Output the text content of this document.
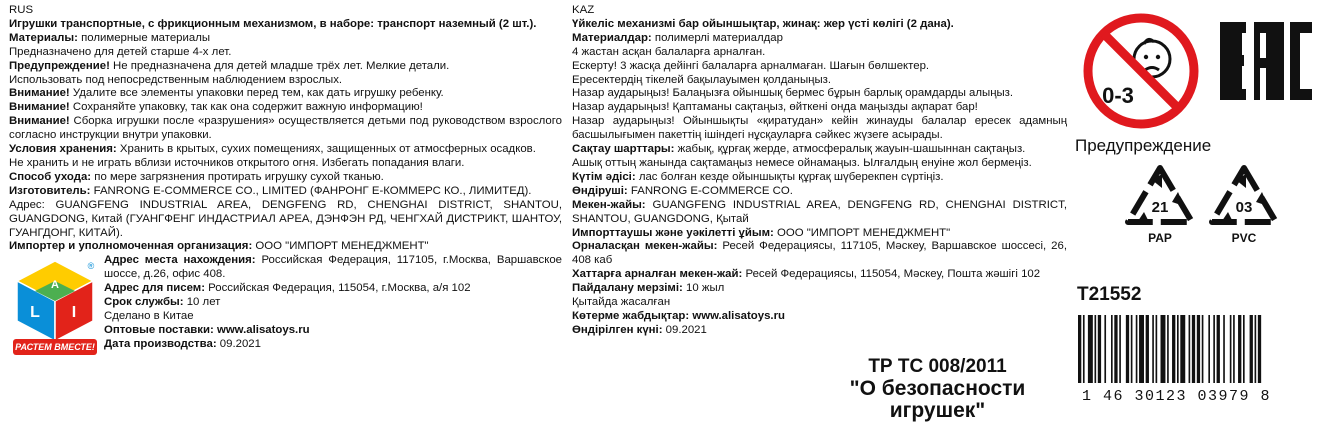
RUS

Игрушки транспортные, с фрикционным механизмом, в наборе: транспорт наземный (2 шт.).

Материалы: полимерные материалы

Предназначено для детей старше 4-х лет.

Предупреждение! Не предназначена для детей младше трёх лет. Мелкие детали.

Использовать под непосредственным наблюдением взрослых.

Внимание! Удалите все элементы упаковки перед тем, как дать игрушку ребенку.

Внимание! Сохраняйте упаковку, так как она содержит важную информацию!

Внимание! Сборка игрушки после «разрушения» осуществляется детьми под руководством взрослого согласно инструкции внутри упаковки.

Условия хранения: Хранить в крытых, сухих помещениях, защищенных от атмосферных осадков.

Не хранить и не играть вблизи источников открытого огня. Избегать попадания влаги.

Способ ухода: по мере загрязнения протирать игрушку сухой тканью.

Изготовитель: FANRONG E-COMMERCE CO., LIMITED (ФАНРОНГ Е-КОММЕРС КО., ЛИМИТЕД).

Адрес: GUANGFENG INDUSTRIAL AREA, DENGFENG RD, CHENGHAI DISTRICT, SHANTOU, GUANGDONG, Китай (ГУАНГФЕНГ ИНДАСТРИАЛ АРЕА, ДЭНФЭН РД, ЧЕНГХАЙ ДИСТРИКТ, ШАНТОУ, ГУАНГДОНГ, КИТАЙ).

Импортер и уполномоченная организация: ООО "ИМПОРТ МЕНЕДЖМЕНТ"

A
L I
®
РАСТЕМ ВМЕСТЕ!

Адрес места нахождения: Российская Федерация, 117105, г.Москва, Варшавское шоссе, д.26, офис 408.

Адрес для писем: Российская Федерация, 115054, г.Москва, а/я 102

Срок службы: 10 лет

Сделано в Китае

Оптовые поставки: www.alisatoys.ru

Дата производства: 09.2021

KAZ

Үйкеліс механизмі бар ойыншықтар, жинақ: жер үсті көлігі (2 дана).

Материалдар: полимерлі материалдар

4 жастан асқан балаларға арналған.

Ескерту! 3 жасқа дейінгі балаларға арналмаған. Шағын бөлшектер.

Ересектердің тікелей бақылауымен қолданыңыз.

Назар аударыңыз! Балаңызға ойыншық бермес бұрын барлық орамдарды алыңыз.

Назар аударыңыз! Қаптаманы сақтаңыз, өйткені онда маңызды ақпарат бар!

Назар аударыңыз! Ойыншықты «қиратудан» кейін жинауды балалар ересек адамның басшылығымен пакеттің ішіндегі нұсқауларға сәйкес жүзеге асырады.

Сақтау шарттары: жабық, құрғақ жерде, атмосфералық жауын-шашыннан сақтаңыз.

Ашық оттың жанында сақтамаңыз немесе ойнамаңыз. Ылғалдың енуіне жол бермеңіз.

Күтім әдісі: лас болған кезде ойыншықты құрғақ шүберекпен сүртіңіз.

Өндіруші: FANRONG E-COMMERCE CO.

Мекен-жайы: GUANGFENG INDUSTRIAL AREA, DENGFENG RD, CHENGHAI DISTRICT, SHANTOU, GUANGDONG, Қытай

Импорттаушы және уәкілетті ұйым: ООО "ИМПОРТ МЕНЕДЖМЕНТ"

Орналасқан мекен-жайы: Ресей Федерациясы, 117105, Мәскеу, Варшавское шоссесі, 26, 408 каб

Хаттарға арналған мекен-жай: Ресей Федерациясы, 115054, Мәскеу, Пошта жәшігі 102

Пайдалану мерзімі: 10 жыл

Қытайда жасалған

Көтерме жабдықтар: www.alisatoys.ru

Өндірілген күні: 09.2021

ТР ТС 008/2011
"О безопасности игрушек"
0-3
Предупреждение
21
PAP
03
PVC
T21552
1 46 30123 03979 8
